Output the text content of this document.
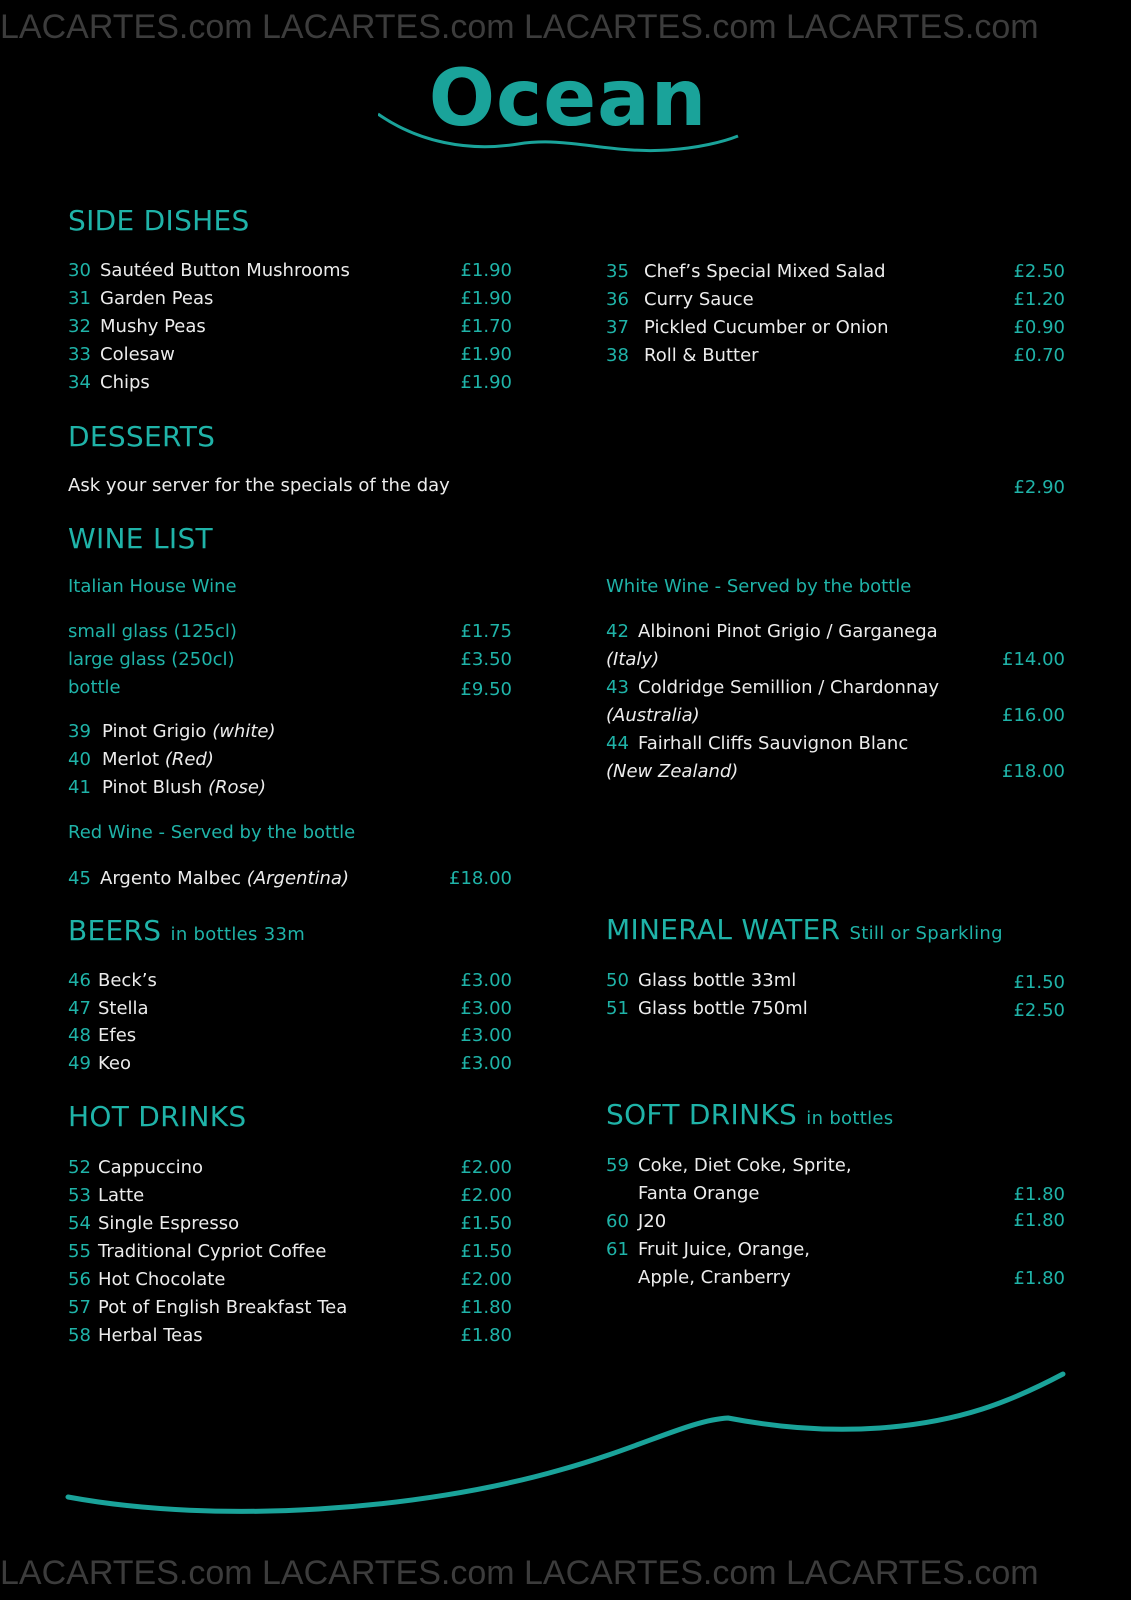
LACARTES.com LACARTES.com LACARTES.com LACARTES.com
LACARTES.com LACARTES.com LACARTES.com LACARTES.com
Ocean
SIDE DISHES
30 Sautéed Button Mushrooms	£1.90
31 Garden Peas	£1.90
32 Mushy Peas	£1.70
33 Colesaw	£1.90
34 Chips	£1.90
35 Chef’s Special Mixed Salad	£2.50
36 Curry Sauce	£1.20
37 Pickled Cucumber or Onion	£0.90
38 Roll & Butter	£0.70
DESSERTS
Ask your server for the specials of the day	£2.90
WINE LIST
Italian House Wine
small glass (125cl)	£1.75
large glass (250cl)	£3.50
bottle	£9.50
39 Pinot Grigio (white)
40 Merlot (Red)
41 Pinot Blush (Rose)
Red Wine - Served by the bottle
45 Argento Malbec (Argentina)	£18.00
White Wine - Served by the bottle
42 Albinoni Pinot Grigio / Garganega
(Italy)	£14.00
43 Coldridge Semillion / Chardonnay
(Australia)	£16.00
44 Fairhall Cliffs Sauvignon Blanc
(New Zealand)	£18.00
BEERS in bottles 33m
46 Beck’s	£3.00
47 Stella	£3.00
48 Efes	£3.00
49 Keo	£3.00
MINERAL WATER Still or Sparkling
50 Glass bottle 33ml	£1.50
51 Glass bottle 750ml	£2.50
HOT DRINKS
52 Cappuccino	£2.00
53 Latte	£2.00
54 Single Espresso	£1.50
55 Traditional Cypriot Coffee	£1.50
56 Hot Chocolate	£2.00
57 Pot of English Breakfast Tea	£1.80
58 Herbal Teas	£1.80
SOFT DRINKS in bottles
59 Coke, Diet Coke, Sprite,
Fanta Orange	£1.80
60 J20	£1.80
61 Fruit Juice, Orange,
Apple, Cranberry	£1.80
